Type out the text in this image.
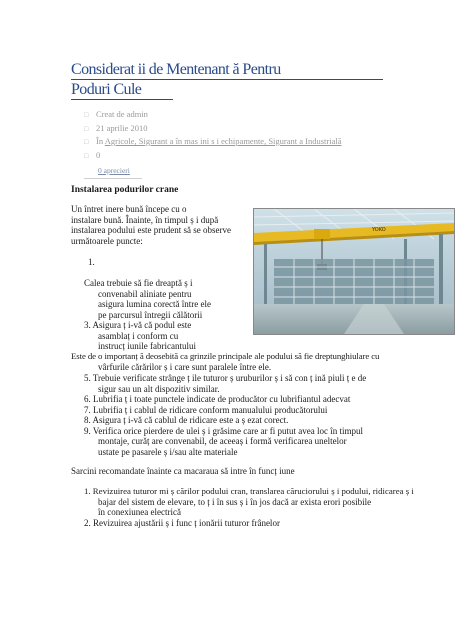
Considerat ii de Mentenant ă Pentru
Poduri Cule
□ Creat de admin
□ 21 aprilie 2010
□ În Agricole, Sigurant a în mas ini s i echipamente, Sigurant a Industrială
□ 0
0 aprecieri
Instalarea podurilor crane
Un întret inere bună începe cu o
instalare bună. Înainte, în timpul ș i după
instalarea podului este prudent să se observe
următoarele puncte:
1.
Calea trebuie să fie dreaptă ș i
convenabil aliniate pentru
asigura lumina corectă între ele
pe parcursul întregii călătorii
3. Asigura ț i-vă că podul este
asamblaț i conform cu
instrucț iunile fabricantului
Este de o importanț ă deosebită ca grinzile principale ale podului să fie dreptunghiulare cu
vârfurile cărărilor ș i care sunt paralele între ele.
5. Trebuie verificate strânge ț ile tuturor ș uruburilor ș i să con ț ină piuli ț e de
sigur sau un alt dispozitiv similar.
6. Lubrifia ț i toate punctele indicate de producător cu lubrifiantul adecvat
7. Lubrifia ț i cablul de ridicare conform manualului producătorului
8. Asigura ț i-vă că cablul de ridicare este a ș ezat corect.
9. Verifica orice pierdere de ulei ș i grăsime care ar fi putut avea loc în timpul
montaje, curăț are convenabil, de aceeaș i formă verificarea uneltelor
ustate pe pasarele ș i/sau alte materiale
Sarcini recomandate înainte ca macaraua să intre în funcț iune
1. Revizuirea tuturor mi ș cărilor podului cran, translarea căruciorului ș i podului, ridicarea ș i
bajar del sistem de elevare, to ț i în sus ș i în jos dacă ar exista erori posibile
în conexiunea electrică
2. Revizuirea ajustării ș i func ț ionării tuturor frânelor
YOKO
